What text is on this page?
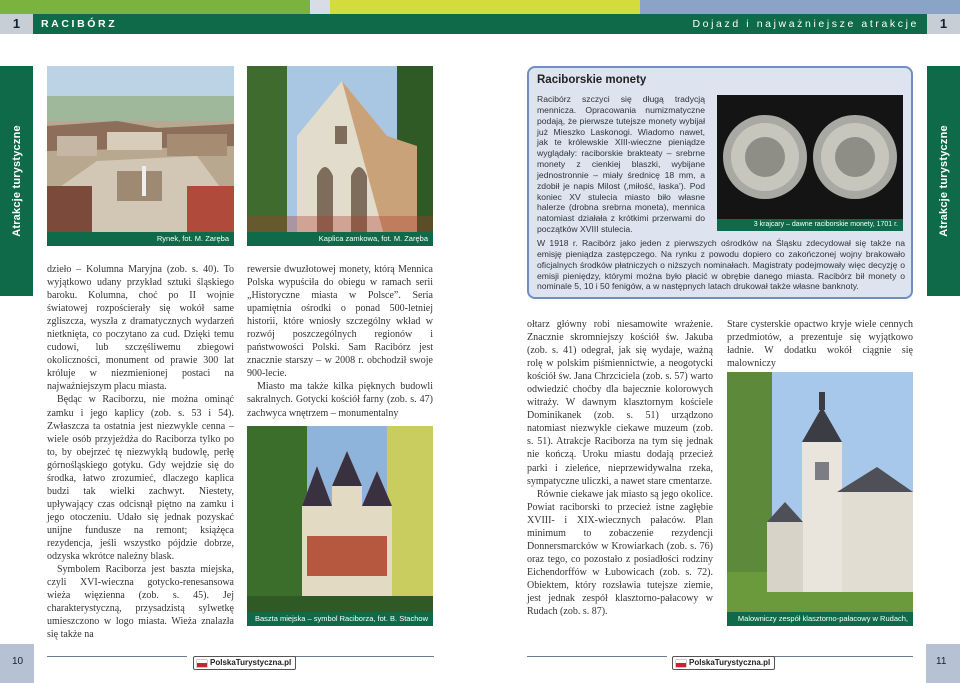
1	RACIBÓRZ	Dojazd i najważniejsze atrakcje	1
Atrakcje turystyczne	Atrakcje turystyczne
Rynek, fot. M. Zaręba	Kaplica zamkowa, fot. M. Zaręba
Baszta miejska – symbol Raciborza, fot. B. Stachow	Malowniczy zespół klasztorno-pałacowy w Rudach, fot. D. Zaręba

dzieło – Kolumna Maryjna (zob. s. 40). To wyjątkowo udany przykład sztuki śląskiego baroku. Kolumna, choć po II wojnie światowej rozpościerały się wokół same zgliszcza, wyszła z dramatycznych wydarzeń nietknięta, co poczytano za cud. Dzięki temu cudowi, lub szczęśliwemu zbiegowi okoliczności, monument od prawie 300 lat króluje w niezmienionej postaci na najważniejszym placu miasta.

Będąc w Raciborzu, nie można ominąć zamku i jego kaplicy (zob. s. 53 i 54). Zwłaszcza ta ostatnia jest niezwykle cenna – wiele osób przyjeżdża do Raciborza tylko po to, by obejrzeć tę niezwykłą budowlę, perłę górnośląskiego gotyku. Gdy wejdzie się do środka, łatwo zrozumieć, dlaczego kaplica budzi tak wielki zachwyt. Niestety, upływający czas odcisnął piętno na zamku i jego otoczeniu. Udało się jednak pozyskać unijne fundusze na remont; książęca rezydencja, jeśli wszystko pójdzie dobrze, odzyska wkrótce należny blask.

Symbolem Raciborza jest baszta miejska, czyli XVI-wieczna gotycko-renesansowa wieża więzienna (zob. s. 45). Jej charakterystyczną, przysadzistą sylwetkę umieszczono w logo miasta. Wieża znalazła się także na

rewersie dwuzłotowej monety, którą Mennica Polska wypuściła do obiegu w ramach serii „Historyczne miasta w Polsce”. Seria upamiętnia ośrodki o ponad 500-letniej historii, które wniosły szczególny wkład w rozwój poszczególnych regionów i państwowości Polski. Sam Racibórz jest znacznie starszy – w 2008 r. obchodził swoje 900-lecie.

Miasto ma także kilka pięknych budowli sakralnych. Gotycki kościół farny (zob. s. 47) zachwyca wnętrzem – monumentalny

Raciborskie monety
Racibórz szczyci się długą tradycją mennicza. Opracowania numizmatyczne podają, że pierwsze tutejsze monety wybijał już Mieszko Laskonogi. Wiadomo nawet, jak te królewskie XIII-wieczne pieniądze wyglądały: raciborskie brakteaty – srebrne monety z cienkiej blaszki, wybijane jednostronnie – miały średnicę 18 mm, a zdobił je napis Milost (‚miłość, łaska’). Pod koniec XV stulecia miasto biło własne halerze (drobna srebrna moneta), mennica natomiast działała z krótkimi przerwami do początków XVIII stulecia.	3 krajcary – dawne raciborskie monety, 1701 r.
W 1918 r. Racibórz jako jeden z pierwszych ośrodków na Śląsku zdecydował się także na emisję pieniądza zastępczego. Na rynku z powodu dopiero co zakończonej wojny brakowało oficjalnych środków płatniczych o niższych nominałach. Magistraty podejmowały więc decyzję o emisji pieniędzy, którymi można było płacić w obrębie danego miasta. Racibórz bił monety o nominale 5, 10 i 50 fenigów, a w następnych latach drukował także własne banknoty.

ołtarz główny robi niesamowite wrażenie. Znacznie skromniejszy kościół św. Jakuba (zob. s. 41) odegrał, jak się wydaje, ważną rolę w polskim piśmiennictwie, a neogotycki kościół św. Jana Chrzciciela (zob. s. 57) warto odwiedzić choćby dla bajecznie kolorowych witraży. W dawnym klasztornym kościele Dominikanek (zob. s. 51) urządzono natomiast niezwykle ciekawe muzeum (zob. s. 51). Atrakcje Raciborza na tym się jednak nie kończą. Uroku miastu dodają przecież parki i zieleńce, nieprzewidywalna rzeka, sympatyczne uliczki, a nawet stare cmentarze.

Równie ciekawe jak miasto są jego okolice. Powiat raciborski to przecież istne zagłębie XVIII- i XIX-wiecznych pałaców. Plan minimum to zobaczenie rezydencji Donnersmarcków w Krowiarkach (zob. s. 76) oraz tego, co pozostało z posiadłości rodziny Eichendorffów w Łubowicach (zob. s. 72). Obiektem, który rozsławia tutejsze ziemie, jest jednak zespół klasztorno-pałacowy w Rudach (zob. s. 87).

Stare cysterskie opactwo kryje wiele cennych przedmiotów, a prezentuje się wyjątkowo ładnie. W dodatku wokół ciągnie się malowniczy

10	11
PolskaTurystyczna.pl	PolskaTurystyczna.pl
